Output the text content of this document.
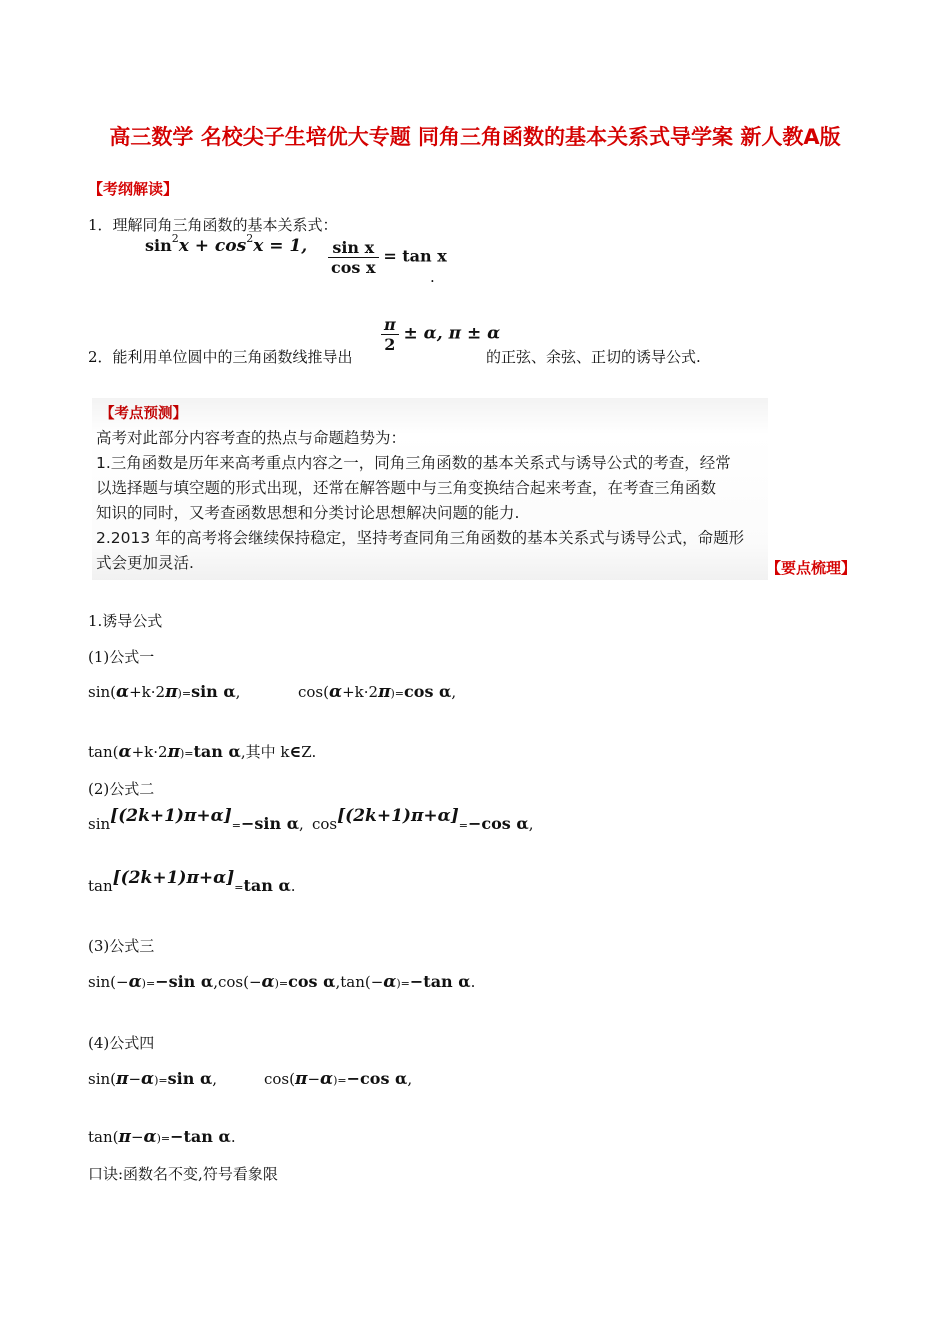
高三数学 名校尖子生培优大专题 同角三角函数的基本关系式导学案 新人教A版
【考纲解读】
1．理解同角三角函数的基本关系式：
$\sin^2x + \cos^2x = 1$, $\frac{\text{sin x}}{\text{cos x}} = \tan x$
.
2．能利用单位圆中的三角函数线推导出
$\frac{\pi}{2} \pm \alpha$, π ± α
的正弦、余弦、正切的诱导公式.
【考点预测】
高考对此部分内容考查的热点与命题趋势为：
1.三角函数是历年来高考重点内容之一，同角三角函数的基本关系式与诱导公式的考查，经常
以选择题与填空题的形式出现，还常在解答题中与三角变换结合起来考查，在考查三角函数
知识的同时，又考查函数思想和分类讨论思想解决问题的能力.
2.2013 年的高考将会继续保持稳定，坚持考查同角三角函数的基本关系式与诱导公式，命题形
式会更加灵活.	【要点梳理】
1.诱导公式
(1)公式一
sin(α+k·2π)=sin α,	cos(α+k·2π)=cos α,
tan(α+k·2π)=tan α,其中 k∈Z.
(2)公式二
sin[(2k+1)π+α]=−sin α, cos[(2k+1)π+α]=−cos α,
tan[(2k+1)π+α]=tan α.
(3)公式三
sin(−α)=−sin α,cos(−α)=cos α,tan(−α)=−tan α.
(4)公式四
sin(π−α)=sin α,	cos(π−α)=−cos α,
tan(π−α)=−tan α.
口诀:函数名不变,符号看象限
